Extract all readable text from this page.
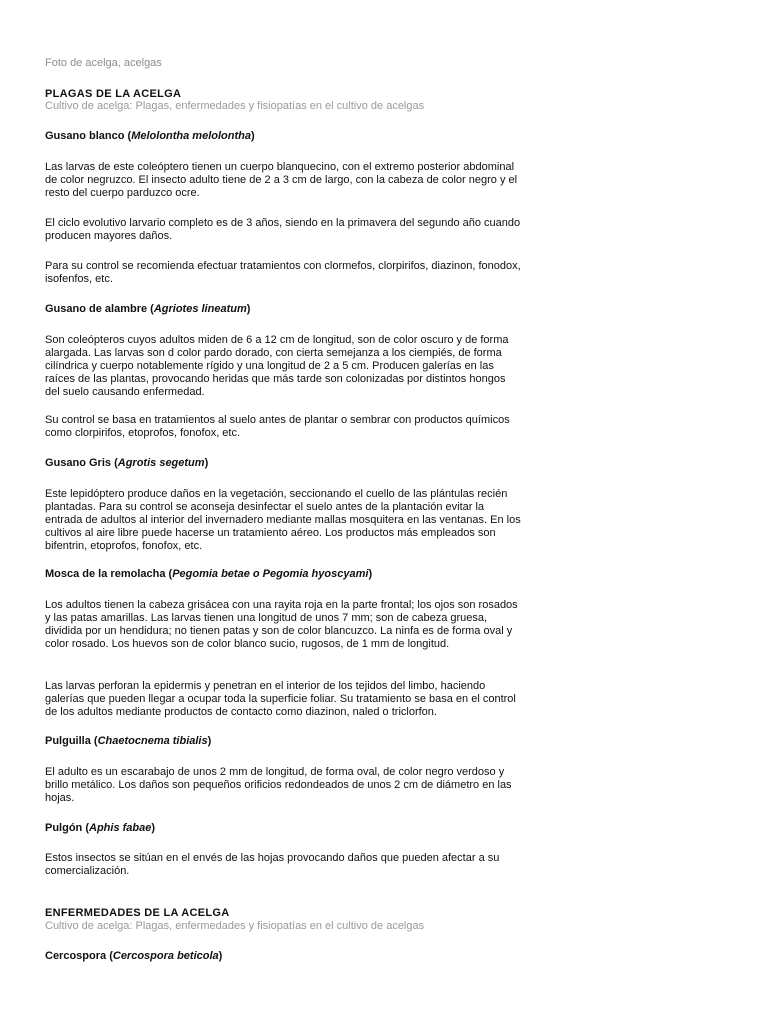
Foto de acelga, acelgas
PLAGAS DE LA ACELGA
Cultivo de acelga: Plagas, enfermedades y fisiopatías en el cultivo de acelgas
Gusano blanco (Melolontha melolontha)

Las larvas de este coleóptero tienen un cuerpo blanquecino, con el extremo posterior abdominal de color negruzco. El insecto adulto tiene de 2 a 3 cm de largo, con la cabeza de color negro y el resto del cuerpo parduzco ocre.

El ciclo evolutivo larvario completo es de 3 años, siendo en la primavera del segundo año cuando producen mayores daños.

Para su control se recomienda efectuar tratamientos con clormefos, clorpirifos, diazinon, fonodox, isofenfos, etc.

Gusano de alambre (Agriotes lineatum)

Son coleópteros cuyos adultos miden de 6 a 12 cm de longitud, son de color oscuro y de forma alargada. Las larvas son d color pardo dorado, con cierta semejanza a los ciempiés, de forma cilíndrica y cuerpo notablemente rígido y una longitud de 2 a 5 cm. Producen galerías en las raíces de las plantas, provocando heridas que más tarde son colonizadas por distintos hongos del suelo causando enfermedad.

Su control se basa en tratamientos al suelo antes de plantar o sembrar con productos químicos como clorpirifos, etoprofos, fonofox, etc.

Gusano Gris (Agrotis segetum)

Este lepidóptero produce daños en la vegetación, seccionando el cuello de las plántulas recién plantadas. Para su control se aconseja desinfectar el suelo antes de la plantación evitar la entrada de adultos al interior del invernadero mediante mallas mosquitera en las ventanas. En los cultivos al aire libre puede hacerse un tratamiento aéreo. Los productos más empleados son bifentrin, etoprofos, fonofox, etc.

Mosca de la remolacha (Pegomia betae o Pegomia hyoscyami)

Los adultos tienen la cabeza grisácea con una rayita roja en la parte frontal; los ojos son rosados y las patas amarillas. Las larvas tienen una longitud de unos 7 mm; son de cabeza gruesa, dividida por un hendidura; no tienen patas y son de color blancuzco. La ninfa es de forma oval y color rosado. Los huevos son de color blanco sucio, rugosos, de 1 mm de longitud.

Las larvas perforan la epidermis y penetran en el interior de los tejidos del limbo, haciendo galerías que pueden llegar a ocupar toda la superficie foliar. Su tratamiento se basa en el control de los adultos mediante productos de contacto como diazinon, naled o triclorfon.

Pulguilla (Chaetocnema tibialis)

El adulto es un escarabajo de unos 2 mm de longitud, de forma oval, de color negro verdoso y brillo metálico. Los daños son pequeños orificios redondeados de unos 2 cm de diámetro en las hojas.

Pulgón (Aphis fabae)

Estos insectos se sitúan en el envés de las hojas provocando daños que pueden afectar a su comercialización.

ENFERMEDADES DE LA ACELGA
Cultivo de acelga: Plagas, enfermedades y fisiopatías en el cultivo de acelgas
Cercospora (Cercospora beticola)
